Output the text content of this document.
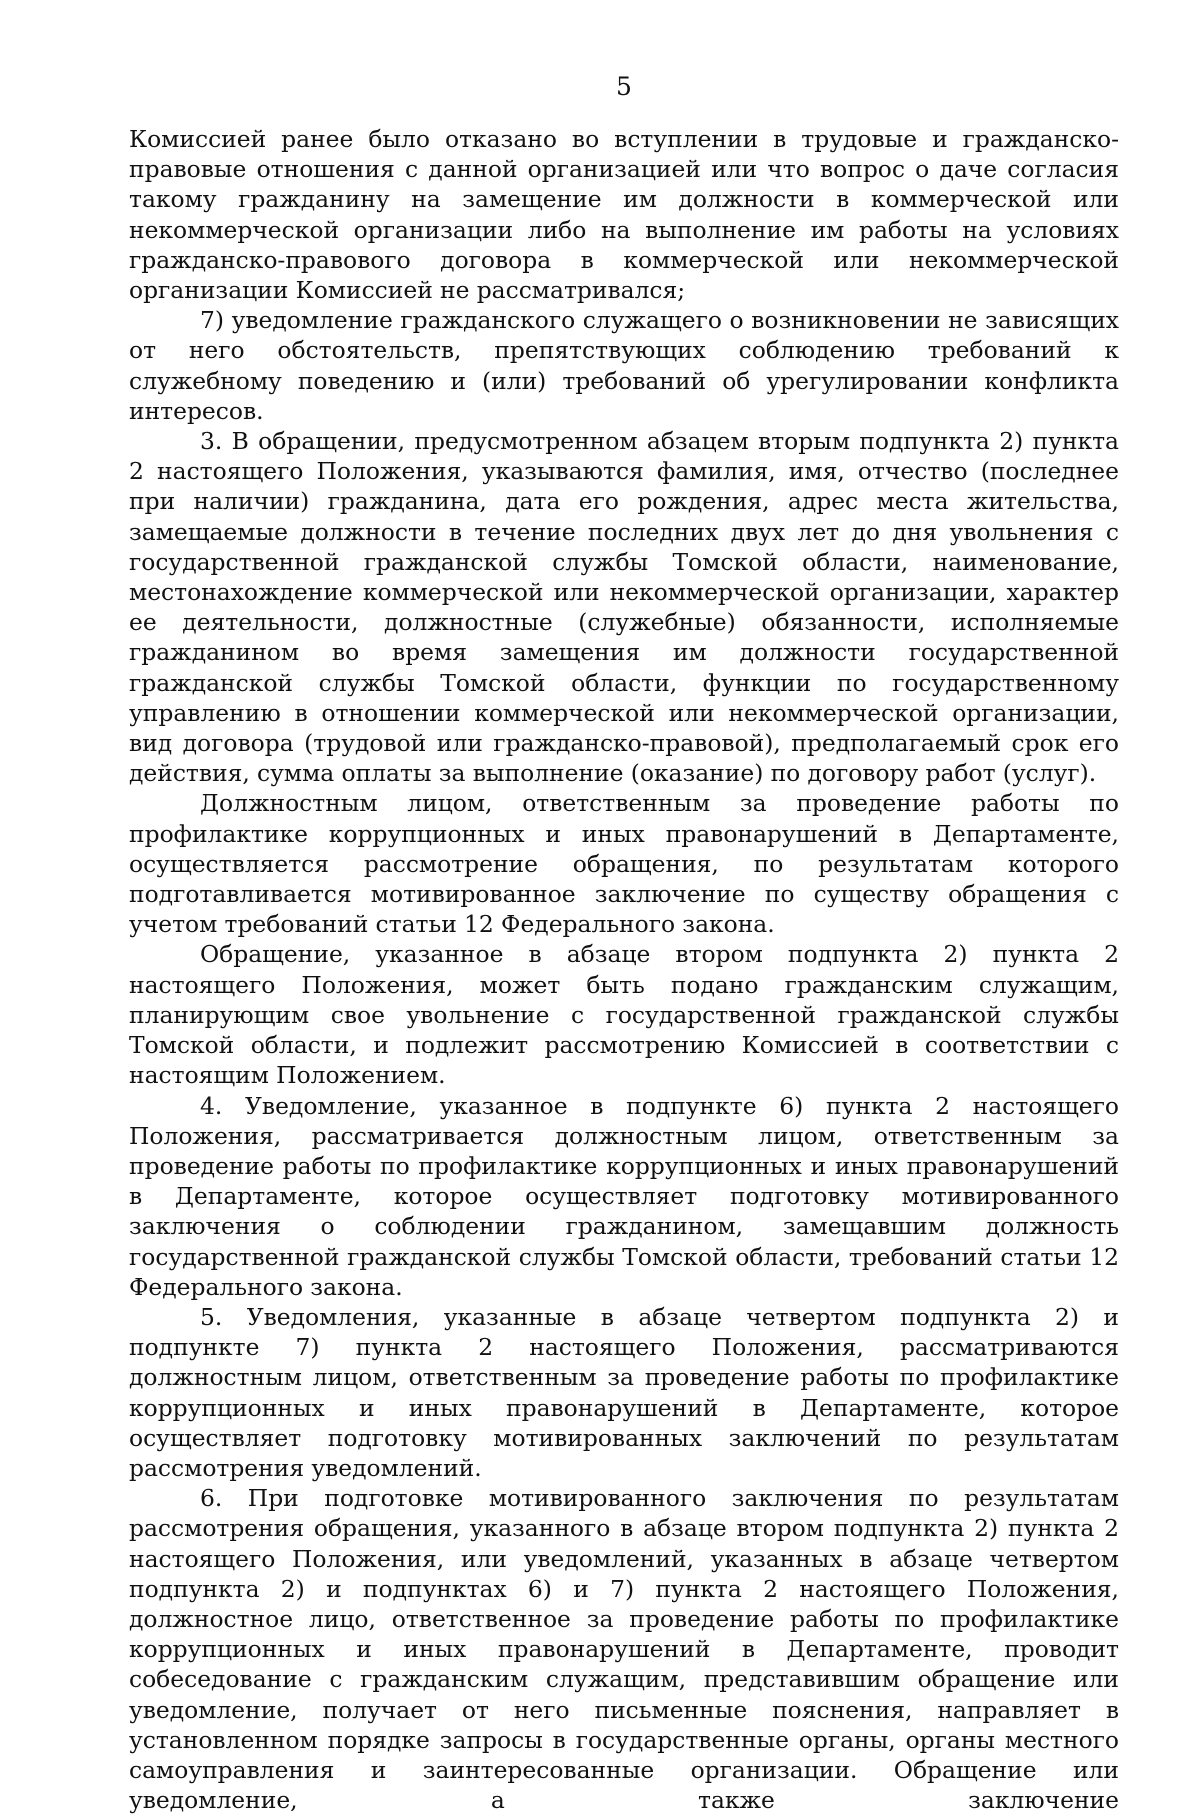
5

Комиссией ранее было отказано во вступлении в трудовые и гражданско-правовые отношения с данной организацией или что вопрос о даче согласия такому гражданину на замещение им должности в коммерческой или некоммерческой организации либо на выполнение им работы на условиях гражданско-правового договора в коммерческой или некоммерческой организации Комиссией не рассматривался;

7) уведомление гражданского служащего о возникновении не зависящих от него обстоятельств, препятствующих соблюдению требований к служебному поведению и (или) требований об урегулировании конфликта интересов.

3. В обращении, предусмотренном абзацем вторым подпункта 2) пункта 2 настоящего Положения, указываются фамилия, имя, отчество (последнее при наличии) гражданина, дата его рождения, адрес места жительства, замещаемые должности в течение последних двух лет до дня увольнения с государственной гражданской службы Томской области, наименование, местонахождение коммерческой или некоммерческой организации, характер ее деятельности, должностные (служебные) обязанности, исполняемые гражданином во время замещения им должности государственной гражданской службы Томской области, функции по государственному управлению в отношении коммерческой или некоммерческой организации, вид договора (трудовой или гражданско-правовой), предполагаемый срок его действия, сумма оплаты за выполнение (оказание) по договору работ (услуг).

Должностным лицом, ответственным за проведение работы по профилактике коррупционных и иных правонарушений в Департаменте, осуществляется рассмотрение обращения, по результатам которого подготавливается мотивированное заключение по существу обращения с учетом требований статьи 12 Федерального закона.

Обращение, указанное в абзаце втором подпункта 2) пункта 2 настоящего Положения, может быть подано гражданским служащим, планирующим свое увольнение с государственной гражданской службы Томской области, и подлежит рассмотрению Комиссией в соответствии с настоящим Положением.

4. Уведомление, указанное в подпункте 6) пункта 2 настоящего Положения, рассматривается должностным лицом, ответственным за проведение работы по профилактике коррупционных и иных правонарушений в Департаменте, которое осуществляет подготовку мотивированного заключения о соблюдении гражданином, замещавшим должность государственной гражданской службы Томской области, требований статьи 12 Федерального закона.

5. Уведомления, указанные в абзаце четвертом подпункта 2) и подпункте 7) пункта 2 настоящего Положения, рассматриваются должностным лицом, ответственным за проведение работы по профилактике коррупционных и иных правонарушений в Департаменте, которое осуществляет подготовку мотивированных заключений по результатам рассмотрения уведомлений.

6. При подготовке мотивированного заключения по результатам рассмотрения обращения, указанного в абзаце втором подпункта 2) пункта 2 настоящего Положения, или уведомлений, указанных в абзаце четвертом подпункта 2) и подпунктах 6) и 7) пункта 2 настоящего Положения, должностное лицо, ответственное за проведение работы по профилактике коррупционных и иных правонарушений в Департаменте, проводит собеседование с гражданским служащим, представившим обращение или уведомление, получает от него письменные пояснения, направляет в установленном порядке запросы в государственные органы, органы местного самоуправления и заинтересованные организации. Обращение или уведомление, а также заключение
